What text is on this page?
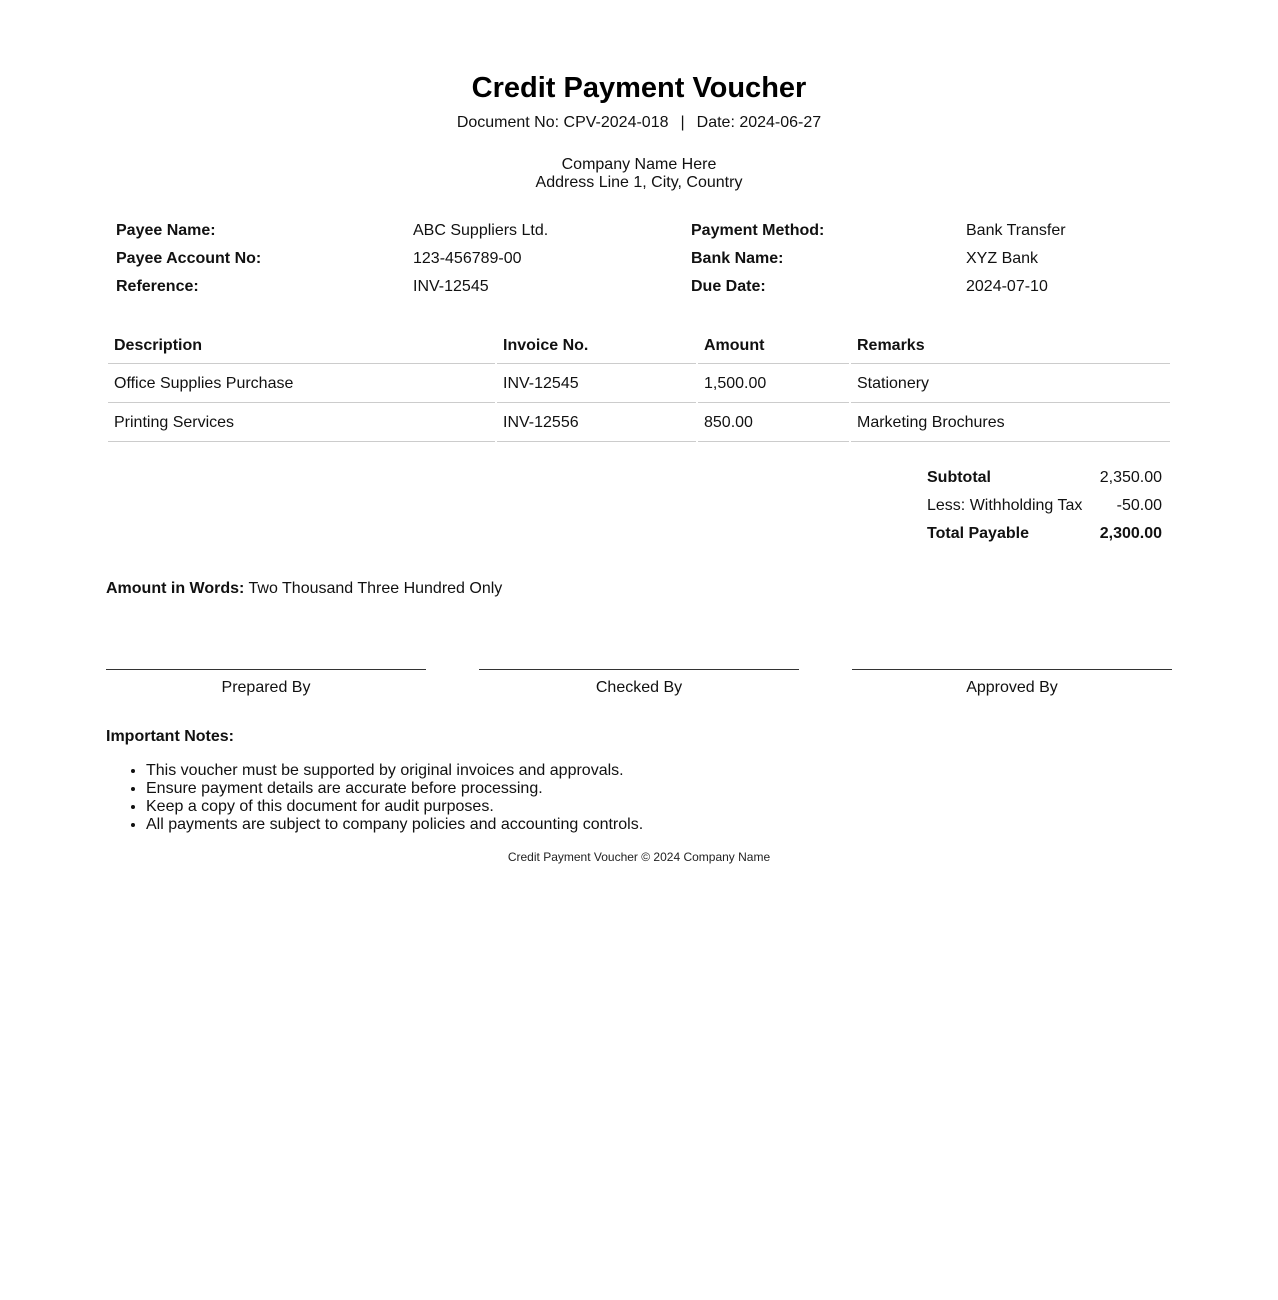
Credit Payment Voucher
Document No: CPV-2024-018 | Date: 2024-06-27
Company Name Here
Address Line 1, City, Country
Payee Name:	ABC Suppliers Ltd.	Payment Method:	Bank Transfer
Payee Account No:	123-456789-00	Bank Name:	XYZ Bank
Reference:	INV-12545	Due Date:	2024-07-10
Description	Invoice No.	Amount	Remarks
Office Supplies Purchase	INV-12545	1,500.00	Stationery
Printing Services	INV-12556	850.00	Marketing Brochures
Subtotal	2,350.00
Less: Withholding Tax -50.00
Total Payable	2,300.00
Amount in Words: Two Thousand Three Hundred Only
Prepared By	Checked By	Approved By
Important Notes:
• This voucher must be supported by original invoices and approvals.
• Ensure payment details are accurate before processing.
• Keep a copy of this document for audit purposes.
• All payments are subject to company policies and accounting controls.
Credit Payment Voucher © 2024 Company Name
